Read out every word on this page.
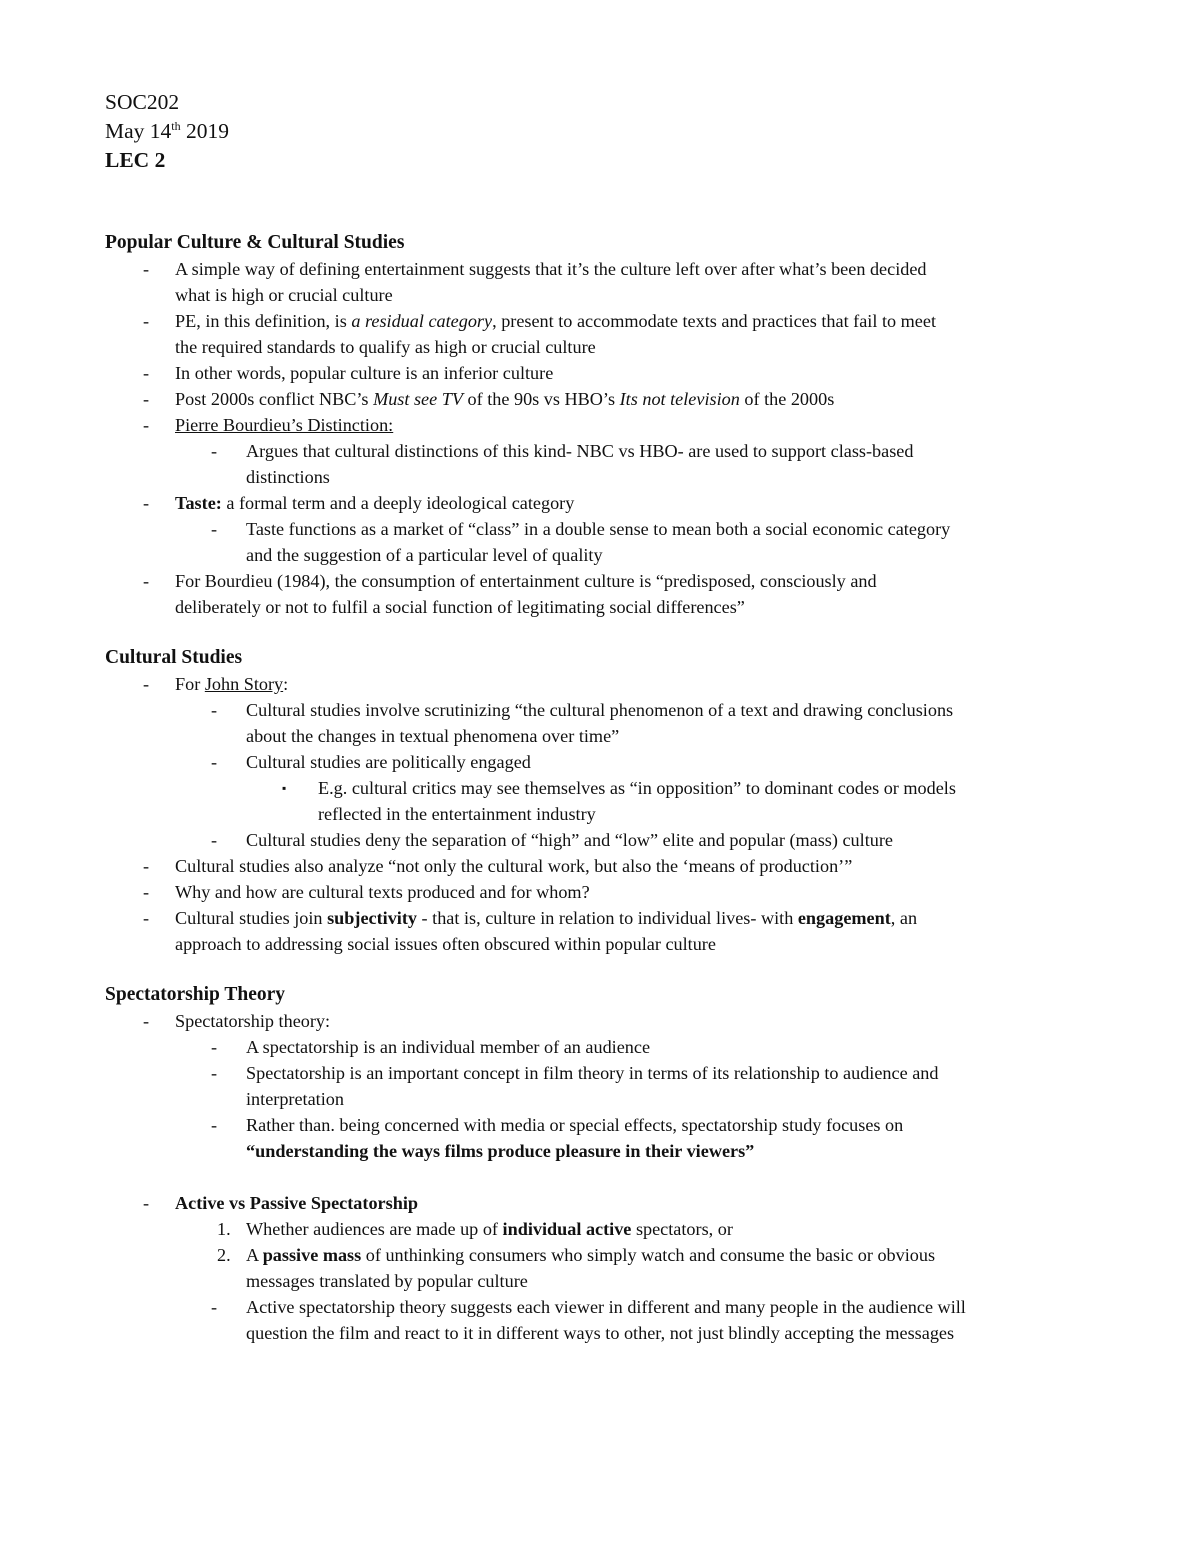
SOC202
May 14th 2019
LEC 2
Popular Culture & Cultural Studies
- A simple way of defining entertainment suggests that it’s the culture left over after what’s been decided
what is high or crucial culture
- PE, in this definition, is a residual category, present to accommodate texts and practices that fail to meet
the required standards to qualify as high or crucial culture
- In other words, popular culture is an inferior culture
- Post 2000s conflict NBC’s Must see TV of the 90s vs HBO’s Its not television of the 2000s
- Pierre Bourdieu’s Distinction:
- Argues that cultural distinctions of this kind- NBC vs HBO- are used to support class-based
distinctions
- Taste: a formal term and a deeply ideological category
- Taste functions as a market of “class” in a double sense to mean both a social economic category
and the suggestion of a particular level of quality
- For Bourdieu (1984), the consumption of entertainment culture is “predisposed, consciously and
deliberately or not to fulfil a social function of legitimating social differences”
Cultural Studies
- For John Story:
- Cultural studies involve scrutinizing “the cultural phenomenon of a text and drawing conclusions
about the changes in textual phenomena over time”
- Cultural studies are politically engaged
▪ E.g. cultural critics may see themselves as “in opposition” to dominant codes or models
reflected in the entertainment industry
- Cultural studies deny the separation of “high” and “low” elite and popular (mass) culture
- Cultural studies also analyze “not only the cultural work, but also the ‘means of production’”
- Why and how are cultural texts produced and for whom?
- Cultural studies join subjectivity - that is, culture in relation to individual lives- with engagement, an
approach to addressing social issues often obscured within popular culture
Spectatorship Theory
- Spectatorship theory:
- A spectatorship is an individual member of an audience
- Spectatorship is an important concept in film theory in terms of its relationship to audience and
interpretation
- Rather than. being concerned with media or special effects, spectatorship study focuses on
“understanding the ways films produce pleasure in their viewers”
- Active vs Passive Spectatorship
1. Whether audiences are made up of individual active spectators, or
2. A passive mass of unthinking consumers who simply watch and consume the basic or obvious
messages translated by popular culture
- Active spectatorship theory suggests each viewer in different and many people in the audience will
question the film and react to it in different ways to other, not just blindly accepting the messages
